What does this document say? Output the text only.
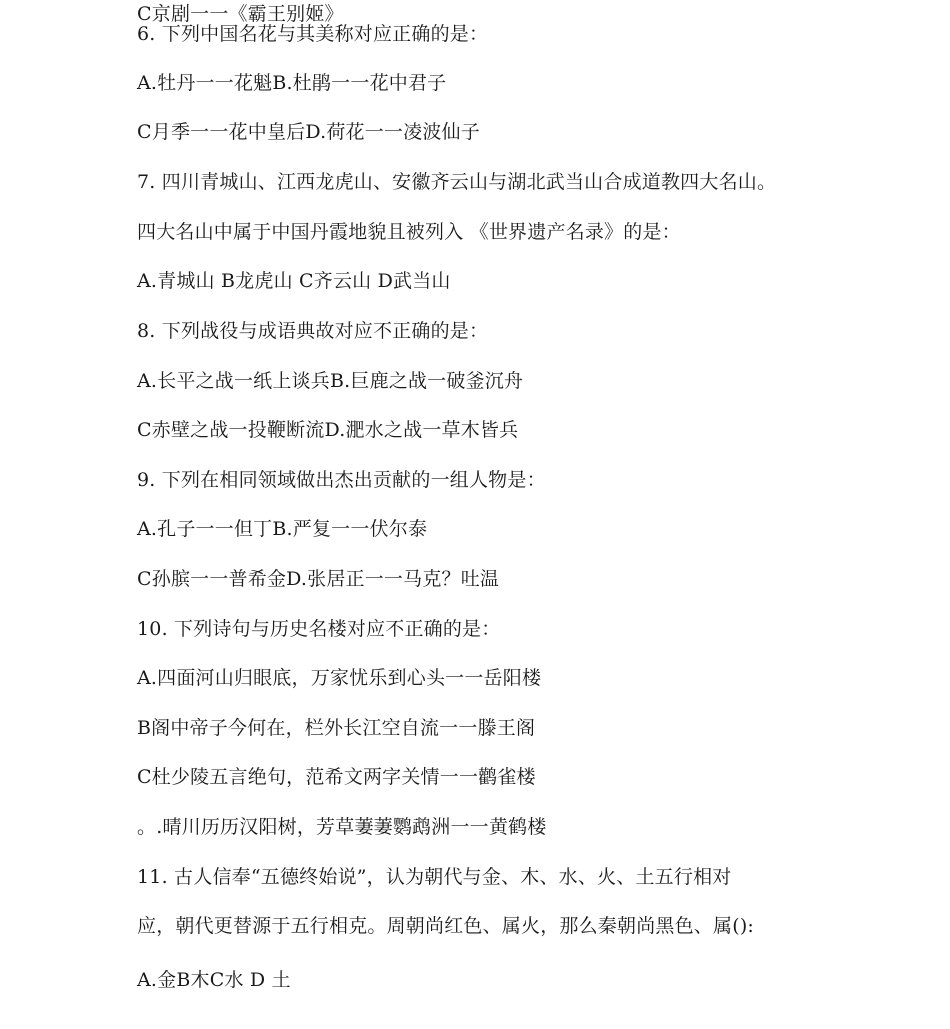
C京剧一一《霸王别姬》
6. 下列中国名花与其美称对应正确的是：
A.牡丹一一花魁B.杜鹃一一花中君子
C月季一一花中皇后D.荷花一一凌波仙子
7. 四川青城山、江西龙虎山、安徽齐云山与湖北武当山合成道教四大名山。
四大名山中属于中国丹霞地貌且被列入 《世界遗产名录》的是：
A.青城山 B龙虎山 C齐云山 D武当山
8. 下列战役与成语典故对应不正确的是：
A.长平之战一纸上谈兵B.巨鹿之战一破釜沉舟
C赤壁之战一投鞭断流D.淝水之战一草木皆兵
9. 下列在相同领域做出杰出贡献的一组人物是：
A.孔子一一但丁B.严复一一伏尔泰
C孙膑一一普希金D.张居正一一马克？吐温
10. 下列诗句与历史名楼对应不正确的是：
A.四面河山归眼底，万家忧乐到心头一一岳阳楼
B阁中帝子今何在，栏外长江空自流一一滕王阁
C杜少陵五言绝句，范希文两字关情一一鹳雀楼
。.晴川历历汉阳树，芳草萋萋鹦鹉洲一一黄鹤楼
11. 古人信奉“五德终始说”，认为朝代与金、木、水、火、土五行相对
应，朝代更替源于五行相克。周朝尚红色、属火，那么秦朝尚黑色、属():
A.金B木C水 D 土
